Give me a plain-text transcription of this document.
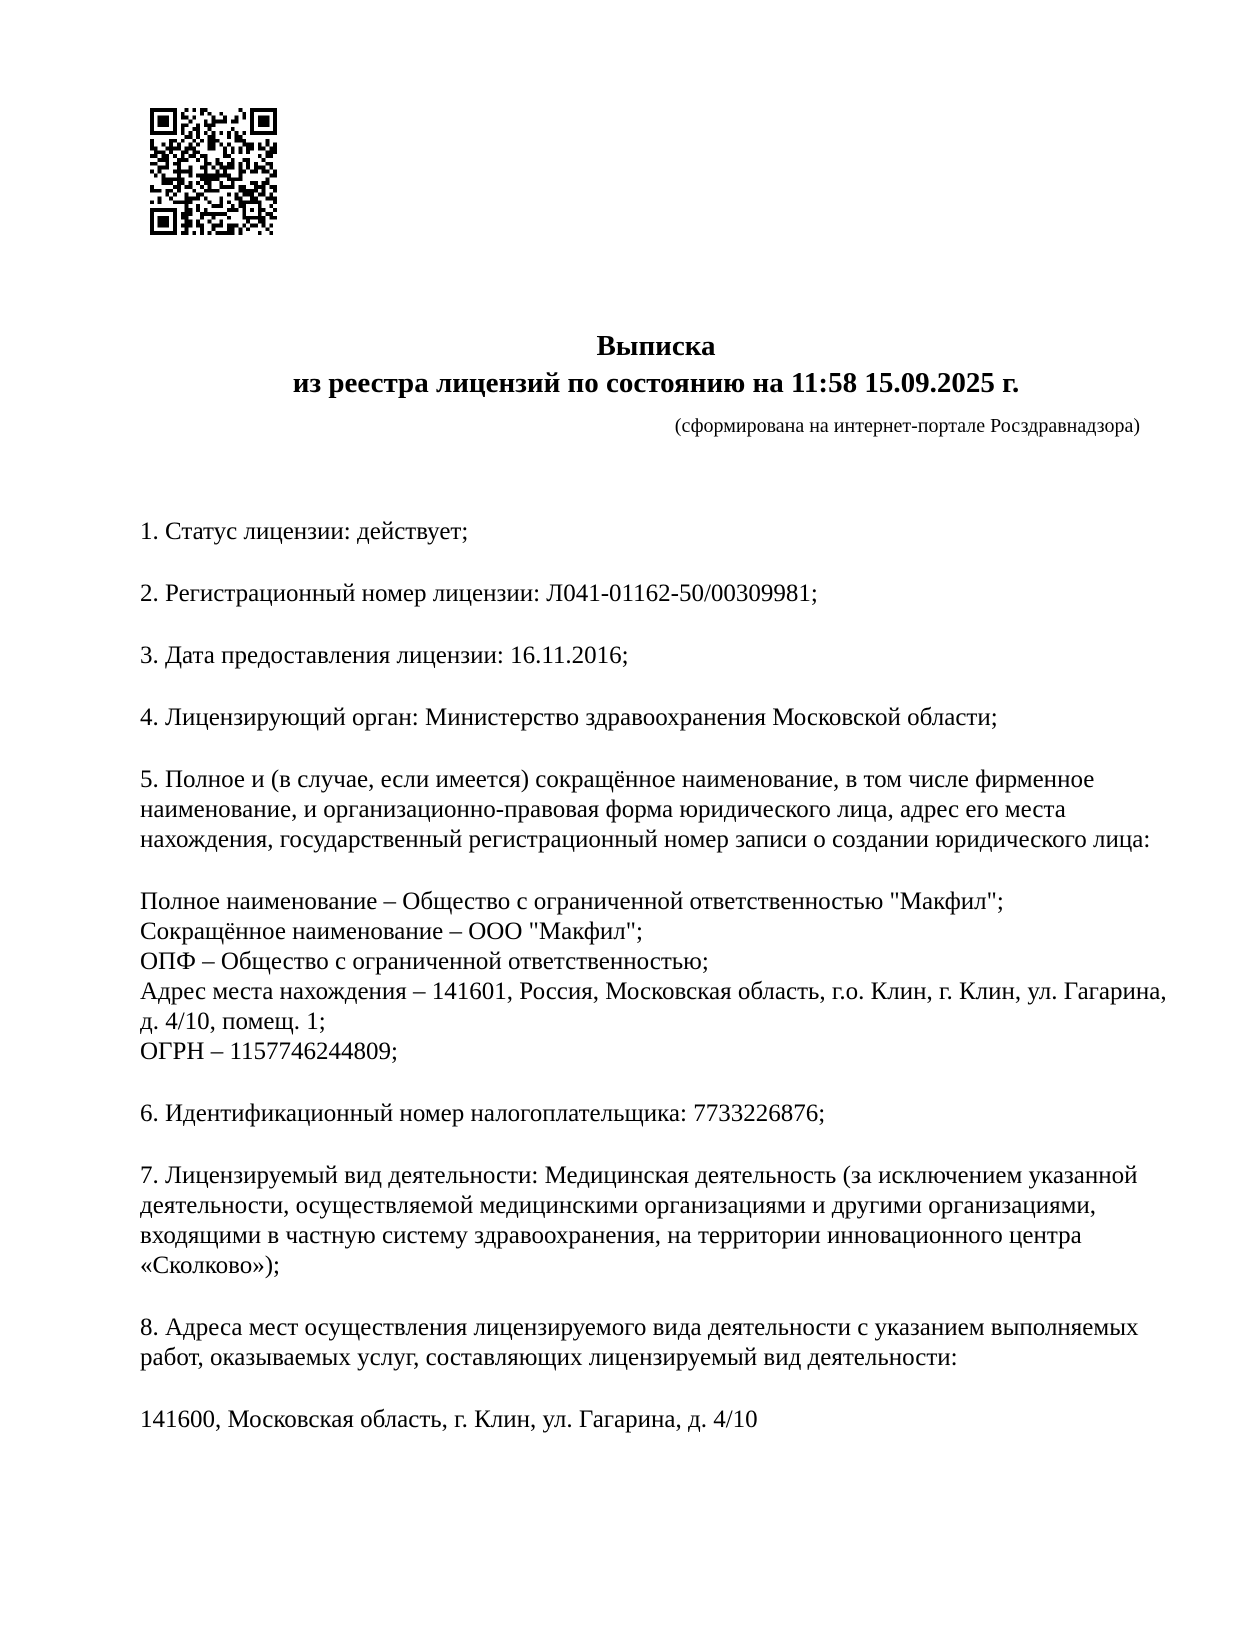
Выписка
из реестра лицензий по состоянию на 11:58 15.09.2025 г.
(сформирована на интернет-портале Росздравнадзора)

1. Статус лицензии: действует;

2. Регистрационный номер лицензии: Л041-01162-50/00309981;

3. Дата предоставления лицензии: 16.11.2016;

4. Лицензирующий орган: Министерство здравоохранения Московской области;

5. Полное и (в случае, если имеется) сокращённое наименование, в том числе фирменное
наименование, и организационно-правовая форма юридического лица, адрес его места
нахождения, государственный регистрационный номер записи о создании юридического лица:

Полное наименование – Общество с ограниченной ответственностью "Макфил";
Сокращённое наименование – ООО "Макфил";
ОПФ – Общество с ограниченной ответственностью;
Адрес места нахождения – 141601, Россия, Московская область, г.о. Клин, г. Клин, ул. Гагарина,
д. 4/10, помещ. 1;
ОГРН – 1157746244809;

6. Идентификационный номер налогоплательщика: 7733226876;

7. Лицензируемый вид деятельности: Медицинская деятельность (за исключением указанной
деятельности, осуществляемой медицинскими организациями и другими организациями,
входящими в частную систему здравоохранения, на территории инновационного центра
«Сколково»);

8. Адреса мест осуществления лицензируемого вида деятельности с указанием выполняемых
работ, оказываемых услуг, составляющих лицензируемый вид деятельности:

141600, Московская область, г. Клин, ул. Гагарина, д. 4/10
